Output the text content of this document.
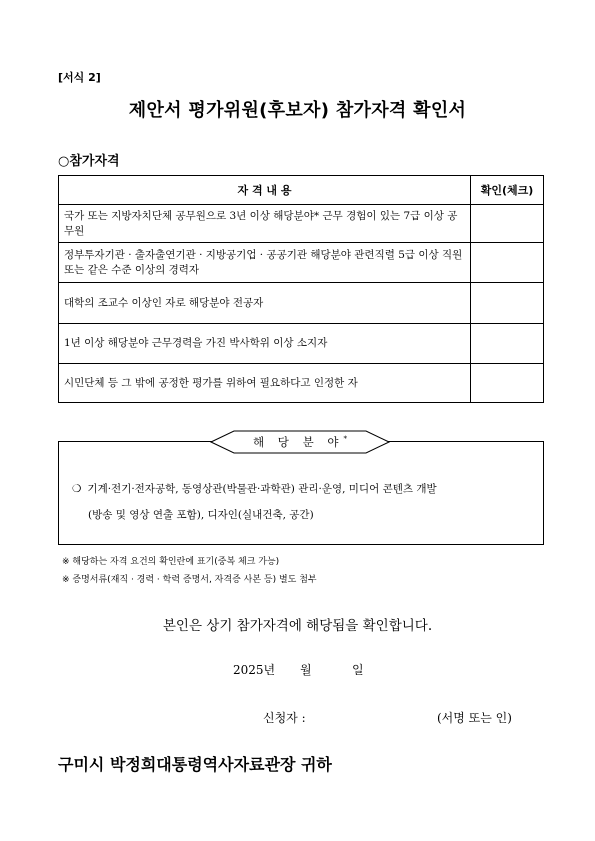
[서식 2]
제안서 평가위원(후보자) 참가자격 확인서
○참가자격
자 격 내 용	확인(체크)
국가 또는 지방자치단체 공무원으로 3년 이상 해당분야* 근무 경험이 있는 7급 이상 공무원	
정부투자기관 · 출자출연기관 · 지방공기업 · 공공기관 해당분야 관련직렬 5급 이상 직원 또는 같은 수준 이상의 경력자	
대학의 조교수 이상인 자로 해당분야 전공자	
1년 이상 해당분야 근무경력을 가진 박사학위 이상 소지자	
시민단체 등 그 밖에 공정한 평가를 위하여 필요하다고 인정한 자	
해 당 분 야*
❍ 기계·전기·전자공학, 동영상관(박물관·과학관) 관리·운영, 미디어 콘텐츠 개발
(방송 및 영상 연출 포함), 디자인(실내건축, 공간)
※ 해당하는 자격 요건의 확인란에 표기(중복 체크 가능)
※ 증명서류(재직 · 경력 · 학력 증명서, 자격증 사본 등) 별도 첨부
본인은 상기 참가자격에 해당됨을 확인합니다.
2025년 월	일
신청자 :	(서명 또는 인)
구미시 박정희대통령역사자료관장 귀하
